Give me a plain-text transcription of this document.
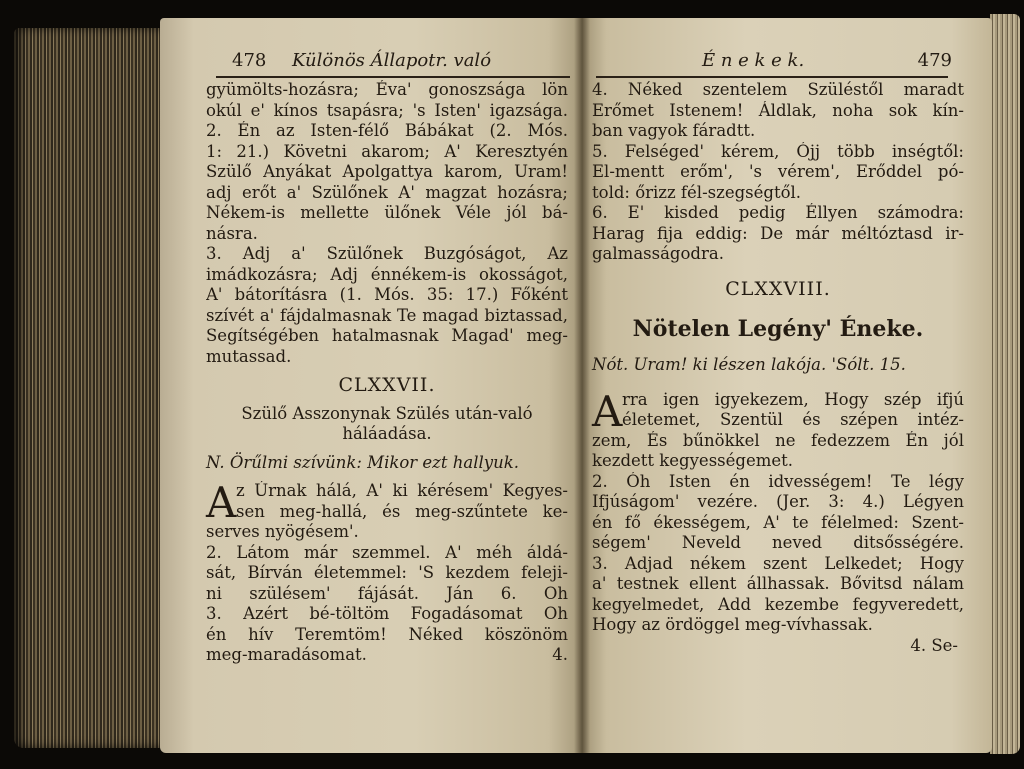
478 Különös Állapotr. való
gyümölts-hozásra; Éva' gonoszsága lön
okúl e' kínos tsapásra; 's Isten' igazsága.
2. Én az Isten-félő Bábákat (2. Mós.
1: 21.) Követni akarom; A' Keresztyén
Szülő Anyákat Apolgattya karom, Uram!
adj erőt a' Szülőnek A' magzat hozásra;
Nékem-is mellette ülőnek Véle jól bá-
násra.
3. Adj a' Szülőnek Buzgóságot, Az
imádkozásra; Adj énnékem-is okosságot,
A' bátorításra (1. Mós. 35: 17.) Főként
szívét a' fájdalmasnak Te magad biztassad,
Segítségében hatalmasnak Magad' meg-
mutassad.
CLXXVII.
Szülő Asszonynak Szülés után-való
háláadása.
N. Örűlmi szívünk: Mikor ezt hallyuk.
A z Úrnak hálá, A' ki kérésem' Kegyes-
sen meg-hallá, és meg-szűntete ke-
serves nyögésem'.
2. Látom már szemmel. A' méh áldá-
sát, Bírván életemmel: 'S kezdem feleji-
ni szülésem' fájását. Ján 6. Oh
3. Azért bé-töltöm Fogadásomat Oh
én hív Teremtöm! Néked köszönöm
meg-maradásomat. 4.
É n e k e k.	479
4. Néked szentelem Szüléstől maradt
Erőmet Istenem! Áldlak, noha sok kín-
ban vagyok fáradtt.
5. Felséged' kérem, Ójj több inségtől:
El-mentt erőm', 's vérem', Erőddel pó-
told: őrizz fél-szegségtől.
6. E' kisded pedig Éllyen számodra:
Harag fija eddig: De már méltóztasd ir-
galmasságodra.
CLXXVIII.
Nötelen Legény' Éneke.
Nót. Uram! ki lészen lakója. 'Sólt. 15.
A rra igen igyekezem, Hogy szép ifjú
életemet, Szentül és szépen intéz-
zem, És bűnökkel ne fedezzem Én jól
kezdett kegyességemet.
2. Óh Isten én idvességem! Te légy
Ifjúságom' vezére. (Jer. 3: 4.) Légyen
én fő ékességem, A' te félelmed: Szent-
ségem' Neveld neved ditsősségére.
3. Adjad nékem szent Lelkedet; Hogy
a' testnek ellent állhassak. Bővitsd nálam
kegyelmedet, Add kezembe fegyveredett,
Hogy az ördöggel meg-vívhassak.
4. Se-
